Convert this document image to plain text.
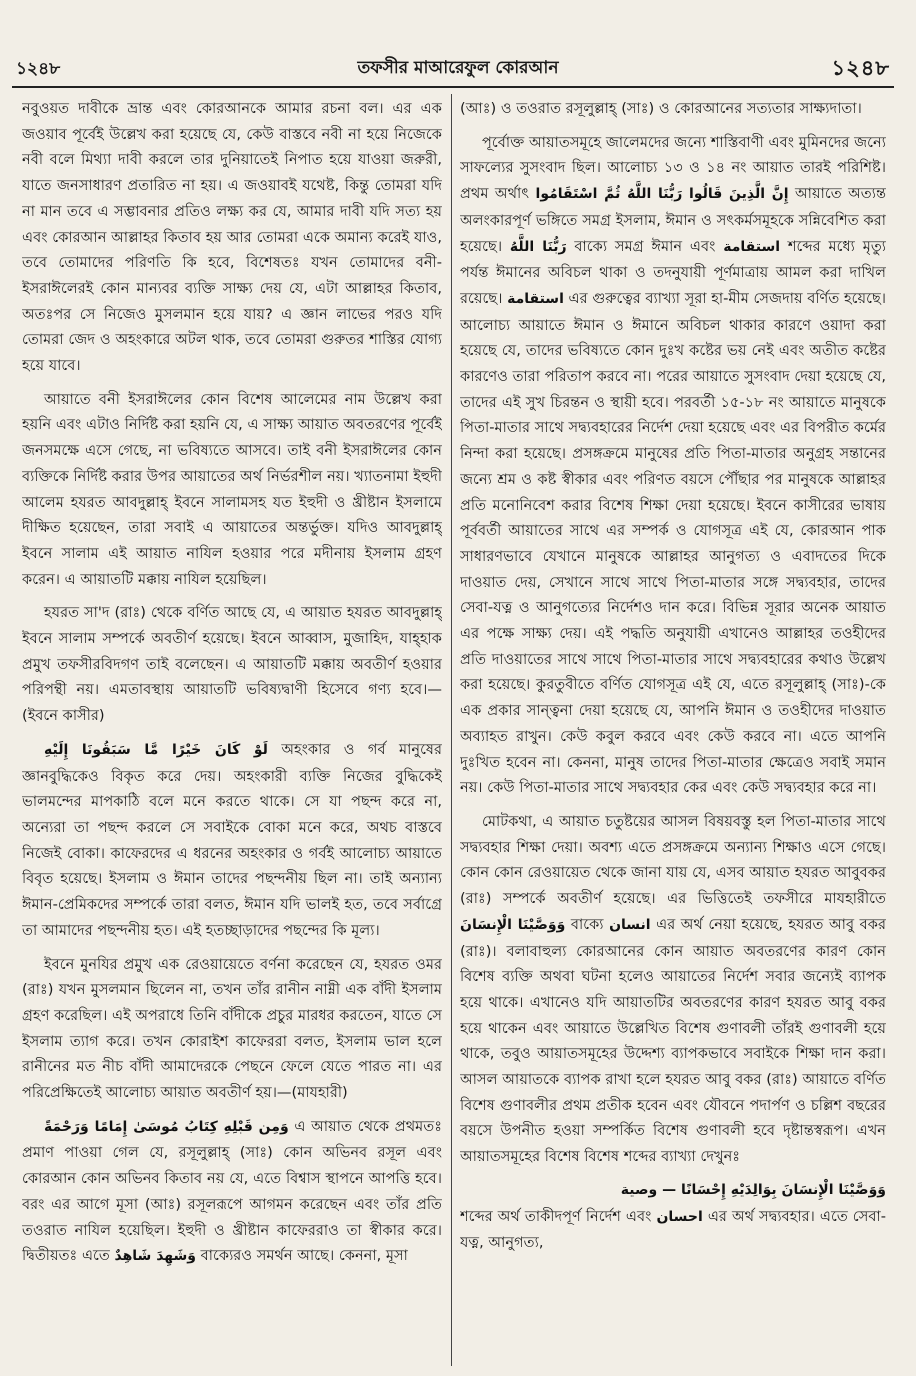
১২৪৮	তফসীর মাআরেফুল কোরআন	১২৪৮

নবুওয়ত দাবীকে ভ্রান্ত এবং কোরআনকে আমার রচনা বল। এর এক জওয়াব পূর্বেই উল্লেখ করা হয়েছে যে, কেউ বাস্তবে নবী না হয়ে নিজেকে নবী বলে মিথ্যা দাবী করলে তার দুনিয়াতেই নিপাত হয়ে যাওয়া জরুরী, যাতে জনসাধারণ প্রতারিত না হয়। এ জওয়াবই যথেষ্ট, কিন্তু তোমরা যদি না মান তবে এ সম্ভাবনার প্রতিও লক্ষ্য কর যে, আমার দাবী যদি সত্য হয় এবং কোরআন আল্লাহর কিতাব হয় আর তোমরা একে অমান্য করেই যাও, তবে তোমাদের পরিণতি কি হবে, বিশেষতঃ যখন তোমাদের বনী-ইসরাঈলেরই কোন মান্যবর ব্যক্তি সাক্ষ্য দেয় যে, এটা আল্লাহর কিতাব, অতঃপর সে নিজেও মুসলমান হয়ে যায়? এ জ্ঞান লাভের পরও যদি তোমরা জেদ ও অহংকারে অটল থাক, তবে তোমরা গুরুতর শাস্তির যোগ্য হয়ে যাবে।

আয়াতে বনী ইসরাঈলের কোন বিশেষ আলেমের নাম উল্লেখ করা হয়নি এবং এটাও নির্দিষ্ট করা হয়নি যে, এ সাক্ষ্য আয়াত অবতরণের পূর্বেই জনসমক্ষে এসে গেছে, না ভবিষ্যতে আসবে। তাই বনী ইসরাঈলের কোন ব্যক্তিকে নির্দিষ্ট করার উপর আয়াতের অর্থ নির্ভরশীল নয়। খ্যাতনামা ইহুদী আলেম হযরত আবদুল্লাহ্ ইবনে সালামসহ যত ইহুদী ও খ্রীষ্টান ইসলামে দীক্ষিত হয়েছেন, তারা সবাই এ আয়াতের অন্তর্ভুক্ত। যদিও আবদুল্লাহ্ ইবনে সালাম এই আয়াত নাযিল হওয়ার পরে মদীনায় ইসলাম গ্রহণ করেন। এ আয়াতটি মক্কায় নাযিল হয়েছিল।

হযরত সা'দ (রাঃ) থেকে বর্ণিত আছে যে, এ আয়াত হযরত আবদুল্লাহ্ ইবনে সালাম সম্পর্কে অবতীর্ণ হয়েছে। ইবনে আব্বাস, মুজাহিদ, যাহ্হাক প্রমুখ তফসীরবিদগণ তাই বলেছেন। এ আয়াতটি মক্কায় অবতীর্ণ হওয়ার পরিপন্থী নয়। এমতাবস্থায় আয়াতটি ভবিষ্যদ্বাণী হিসেবে গণ্য হবে।—(ইবনে কাসীর)

لَوْ كَانَ خَيْرًا مَّا سَبَقُونَا إِلَيْهِ অহংকার ও গর্ব মানুষের জ্ঞানবুদ্ধিকেও বিকৃত করে দেয়। অহংকারী ব্যক্তি নিজের বুদ্ধিকেই ভালমন্দের মাপকাঠি বলে মনে করতে থাকে। সে যা পছন্দ করে না, অন্যেরা তা পছন্দ করলে সে সবাইকে বোকা মনে করে, অথচ বাস্তবে নিজেই বোকা। কাফেরদের এ ধরনের অহংকার ও গর্বই আলোচ্য আয়াতে বিবৃত হয়েছে। ইসলাম ও ঈমান তাদের পছন্দনীয় ছিল না। তাই অন্যান্য ঈমান-প্রেমিকদের সম্পর্কে তারা বলত, ঈমান যদি ভালই হত, তবে সর্বাগ্রে তা আমাদের পছন্দনীয় হত। এই হতচ্ছাড়াদের পছন্দের কি মূল্য।

ইবনে মুনযির প্রমুখ এক রেওয়ায়েতে বর্ণনা করেছেন যে, হযরত ওমর (রাঃ) যখন মুসলমান ছিলেন না, তখন তাঁর রানীন নাম্নী এক বাঁদী ইসলাম গ্রহণ করেছিল। এই অপরাধে তিনি বাঁদীকে প্রচুর মারধর করতেন, যাতে সে ইসলাম ত্যাগ করে। তখন কোরাইশ কাফেররা বলত, ইসলাম ভাল হলে রানীনের মত নীচ বাঁদী আমাদেরকে পেছনে ফেলে যেতে পারত না। এর পরিপ্রেক্ষিতেই আলোচ্য আয়াত অবতীর্ণ হয়।—(মাযহারী)

وَمِن قَبْلِهِ كِتَابُ مُوسَىٰ إِمَامًا وَرَحْمَةً এ আয়াত থেকে প্রথমতঃ প্রমাণ পাওয়া গেল যে, রসূলুল্লাহ্ (সাঃ) কোন অভিনব রসূল এবং কোরআন কোন অভিনব কিতাব নয় যে, এতে বিশ্বাস স্থাপনে আপত্তি হবে। বরং এর আগে মূসা (আঃ) রসূলরূপে আগমন করেছেন এবং তাঁর প্রতি তওরাত নাযিল হয়েছিল। ইহুদী ও খ্রীষ্টান কাফেররাও তা স্বীকার করে। দ্বিতীয়তঃ এতে وَشَهِدَ شَاهِدٌ বাক্যেরও সমর্থন আছে। কেননা, মূসা

(আঃ) ও তওরাত রসূলুল্লাহ্ (সাঃ) ও কোরআনের সত্যতার সাক্ষ্যদাতা।

পূর্বোক্ত আয়াতসমূহে জালেমদের জন্যে শাস্তিবাণী এবং মুমিনদের জন্যে সাফল্যের সুসংবাদ ছিল। আলোচ্য ১৩ ও ১৪ নং আয়াত তারই পরিশিষ্ট। প্রথম অর্থাৎ إِنَّ الَّذِينَ قَالُوا رَبُّنَا اللَّهُ ثُمَّ اسْتَقَامُوا আয়াতে অত্যন্ত অলংকারপূর্ণ ভঙ্গিতে সমগ্র ইসলাম, ঈমান ও সৎকর্মসমূহকে সন্নিবেশিত করা হয়েছে। رَبُّنَا اللَّهُ বাক্যে সমগ্র ঈমান এবং استقامة শব্দের মধ্যে মৃত্যু পর্যন্ত ঈমানের অবিচল থাকা ও তদনুযায়ী পূর্ণমাত্রায় আমল করা দাখিল রয়েছে। استقامة এর গুরুত্বের ব্যাখ্যা সূরা হা-মীম সেজদায় বর্ণিত হয়েছে। আলোচ্য আয়াতে ঈমান ও ঈমানে অবিচল থাকার কারণে ওয়াদা করা হয়েছে যে, তাদের ভবিষ্যতে কোন দুঃখ কষ্টের ভয় নেই এবং অতীত কষ্টের কারণেও তারা পরিতাপ করবে না। পরের আয়াতে সুসংবাদ দেয়া হয়েছে যে, তাদের এই সুখ চিরন্তন ও স্থায়ী হবে। পরবর্তী ১৫-১৮ নং আয়াতে মানুষকে পিতা-মাতার সাথে সদ্ব্যবহারের নির্দেশ দেয়া হয়েছে এবং এর বিপরীত কর্মের নিন্দা করা হয়েছে। প্রসঙ্গক্রমে মানুষের প্রতি পিতা-মাতার অনুগ্রহ সন্তানের জন্যে শ্রম ও কষ্ট স্বীকার এবং পরিণত বয়সে পৌঁছার পর মানুষকে আল্লাহর প্রতি মনোনিবেশ করার বিশেষ শিক্ষা দেয়া হয়েছে। ইবনে কাসীরের ভাষায় পূর্ববর্তী আয়াতের সাথে এর সম্পর্ক ও যোগসূত্র এই যে, কোরআন পাক সাধারণভাবে যেখানে মানুষকে আল্লাহর আনুগত্য ও এবাদতের দিকে দাওয়াত দেয়, সেখানে সাথে সাথে পিতা-মাতার সঙ্গে সদ্ব্যবহার, তাদের সেবা-যত্ন ও আনুগত্যের নির্দেশও দান করে। বিভিন্ন সূরার অনেক আয়াত এর পক্ষে সাক্ষ্য দেয়। এই পদ্ধতি অনুযায়ী এখানেও আল্লাহর তওহীদের প্রতি দাওয়াতের সাথে সাথে পিতা-মাতার সাথে সদ্ব্যবহারের কথাও উল্লেখ করা হয়েছে। কুরতুবীতে বর্ণিত যোগসূত্র এই যে, এতে রসূলুল্লাহ্ (সাঃ)-কে এক প্রকার সান্ত্বনা দেয়া হয়েছে যে, আপনি ঈমান ও তওহীদের দাওয়াত অব্যাহত রাখুন। কেউ কবুল করবে এবং কেউ করবে না। এতে আপনি দুঃখিত হবেন না। কেননা, মানুষ তাদের পিতা-মাতার ক্ষেত্রেও সবাই সমান নয়। কেউ পিতা-মাতার সাথে সদ্ব্যবহার কের এবং কেউ সদ্ব্যবহার করে না।

মোটকথা, এ আয়াত চতুষ্টয়ের আসল বিষয়বস্তু হল পিতা-মাতার সাথে সদ্ব্যবহার শিক্ষা দেয়া। অবশ্য এতে প্রসঙ্গক্রমে অন্যান্য শিক্ষাও এসে গেছে। কোন কোন রেওয়ায়েত থেকে জানা যায় যে, এসব আয়াত হযরত আবুবকর (রাঃ) সম্পর্কে অবতীর্ণ হয়েছে। এর ভিত্তিতেই তফসীরে মাযহারীতে وَوَصَّيْنَا الْإِنسَانَ বাক্যে انسان এর অর্থ নেয়া হয়েছে, হযরত আবু বকর (রাঃ)। বলাবাহুল্য কোরআনের কোন আয়াত অবতরণের কারণ কোন বিশেষ ব্যক্তি অথবা ঘটনা হলেও আয়াতের নির্দেশ সবার জন্যেই ব্যাপক হয়ে থাকে। এখানেও যদি আয়াতটির অবতরণের কারণ হযরত আবু বকর হয়ে থাকেন এবং আয়াতে উল্লেখিত বিশেষ গুণাবলী তাঁরই গুণাবলী হয়ে থাকে, তবুও আয়াতসমূহের উদ্দেশ্য ব্যাপকভাবে সবাইকে শিক্ষা দান করা। আসল আয়াতকে ব্যাপক রাখা হলে হযরত আবু বকর (রাঃ) আয়াতে বর্ণিত বিশেষ গুণাবলীর প্রথম প্রতীক হবেন এবং যৌবনে পদার্পণ ও চল্লিশ বছরের বয়সে উপনীত হওয়া সম্পর্কিত বিশেষ গুণাবলী হবে দৃষ্টান্তস্বরূপ। এখন আয়াতসমূহের বিশেষ বিশেষ শব্দের ব্যাখ্যা দেখুনঃ

وَوَصَّيْنَا الْإِنسَانَ بِوَالِدَيْهِ إِحْسَانًا — وصية
শব্দের অর্থ তাকীদপূর্ণ নির্দেশ এবং احسان এর অর্থ সদ্ব্যবহার। এতে সেবা-যত্ন, আনুগত্য,
